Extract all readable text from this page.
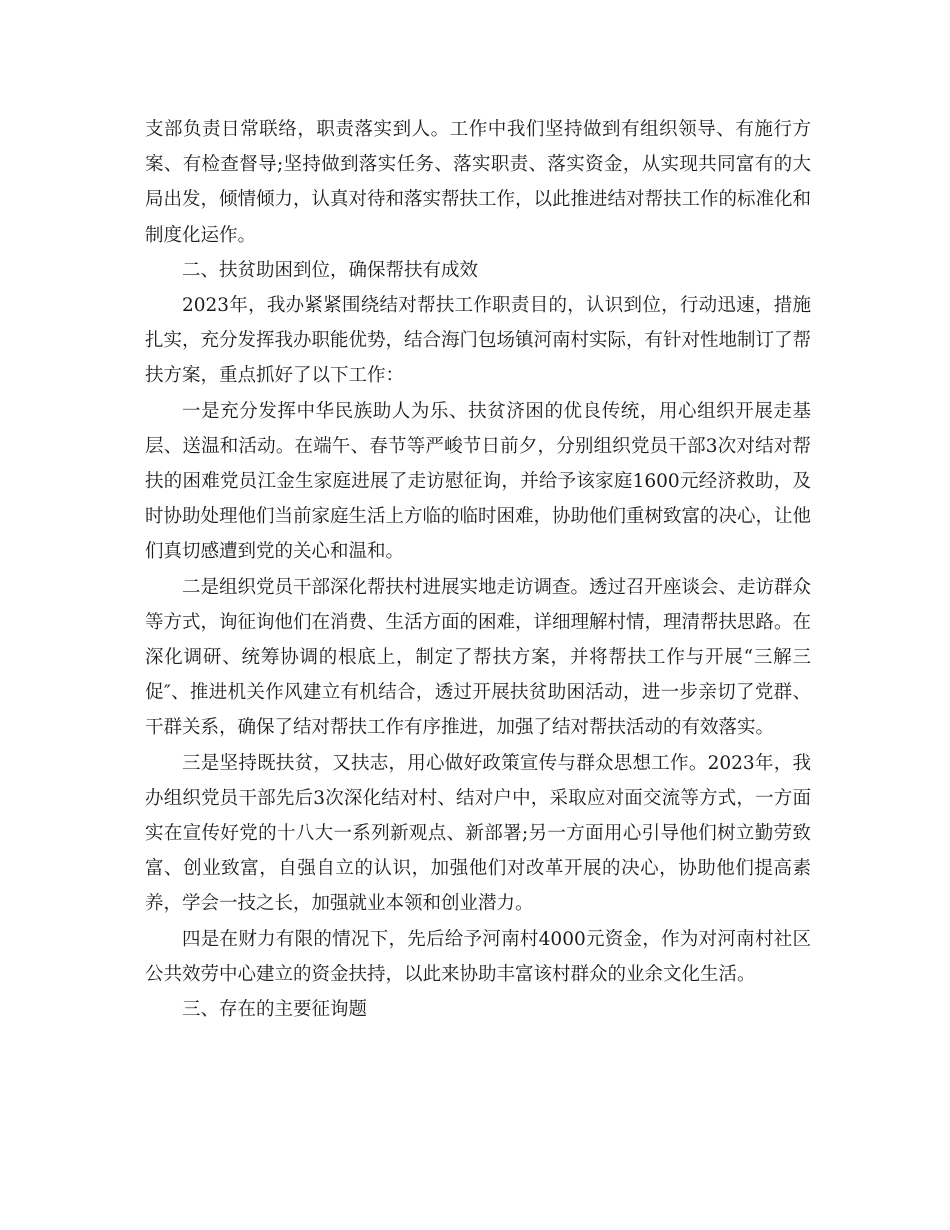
支部负责日常联络，职责落实到人。工作中我们坚持做到有组织领导、有施行方案、有检查督导;坚持做到落实任务、落实职责、落实资金，从实现共同富有的大局出发，倾情倾力，认真对待和落实帮扶工作，以此推进结对帮扶工作的标准化和制度化运作。

二、扶贫助困到位，确保帮扶有成效

2023年，我办紧紧围绕结对帮扶工作职责目的，认识到位，行动迅速，措施扎实，充分发挥我办职能优势，结合海门包场镇河南村实际，有针对性地制订了帮扶方案，重点抓好了以下工作：

一是充分发挥中华民族助人为乐、扶贫济困的优良传统，用心组织开展走基层、送温和活动。在端午、春节等严峻节日前夕，分别组织党员干部3次对结对帮扶的困难党员江金生家庭进展了走访慰征询，并给予该家庭1600元经济救助，及时协助处理他们当前家庭生活上方临的临时困难，协助他们重树致富的决心，让他们真切感遭到党的关心和温和。

二是组织党员干部深化帮扶村进展实地走访调查。透过召开座谈会、走访群众等方式，询征询他们在消费、生活方面的困难，详细理解村情，理清帮扶思路。在深化调研、统筹协调的根底上，制定了帮扶方案，并将帮扶工作与开展“三解三促″、推进机关作风建立有机结合，透过开展扶贫助困活动，进一步亲切了党群、干群关系，确保了结对帮扶工作有序推进，加强了结对帮扶活动的有效落实。

三是坚持既扶贫，又扶志，用心做好政策宣传与群众思想工作。2023年，我办组织党员干部先后3次深化结对村、结对户中，采取应对面交流等方式，一方面实在宣传好党的十八大一系列新观点、新部署;另一方面用心引导他们树立勤劳致富、创业致富，自强自立的认识，加强他们对改革开展的决心，协助他们提高素养，学会一技之长，加强就业本领和创业潜力。

四是在财力有限的情况下，先后给予河南村4000元资金，作为对河南村社区公共效劳中心建立的资金扶持，以此来协助丰富该村群众的业余文化生活。

三、存在的主要征询题
